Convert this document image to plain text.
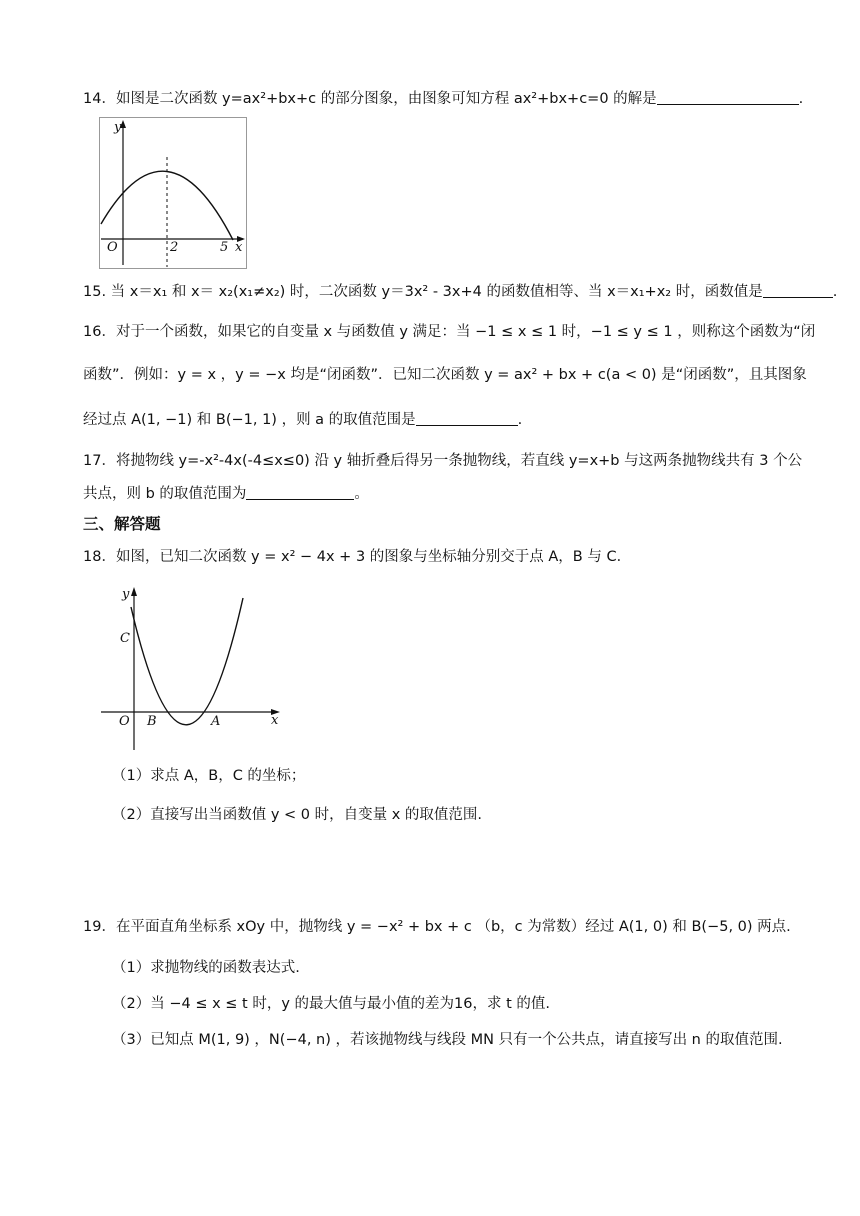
14．如图是二次函数 y=ax²+bx+c 的部分图象，由图象可知方程 ax²+bx+c=0 的解是	.
y
x
O	2	5
15. 当 x＝x₁ 和 x＝ x₂(x₁≠x₂) 时，二次函数 y＝3x² - 3x+4 的函数值相等、当 x＝x₁+x₂ 时，函数值是	.
16．对于一个函数，如果它的自变量 x 与函数值 y 满足：当 −1 ≤ x ≤ 1 时，−1 ≤ y ≤ 1 ，则称这个函数为“闭
函数”．例如：y = x ，y = −x 均是“闭函数”．已知二次函数 y = ax² + bx + c(a < 0) 是“闭函数”，且其图象
经过点 A(1, −1) 和 B(−1, 1) ，则 a 的取值范围是	.
17．将抛物线 y=-x²-4x(-4≤x≤0) 沿 y 轴折叠后得另一条抛物线，若直线 y=x+b 与这两条抛物线共有 3 个公
共点，则 b 的取值范围为	。
三、解答题
18．如图，已知二次函数 y = x² − 4x + 3 的图象与坐标轴分别交于点 A，B 与 C．
y
x
O B	A
C
（1）求点 A，B，C 的坐标；
（2）直接写出当函数值 y < 0 时，自变量 x 的取值范围.
19．在平面直角坐标系 xOy 中，抛物线 y = −x² + bx + c （b，c 为常数）经过 A(1, 0) 和 B(−5, 0) 两点.
（1）求抛物线的函数表达式.
（2）当 −4 ≤ x ≤ t 时，y 的最大值与最小值的差为16，求 t 的值.
（3）已知点 M(1, 9) ，N(−4, n) ，若该抛物线与线段 MN 只有一个公共点，请直接写出 n 的取值范围.
